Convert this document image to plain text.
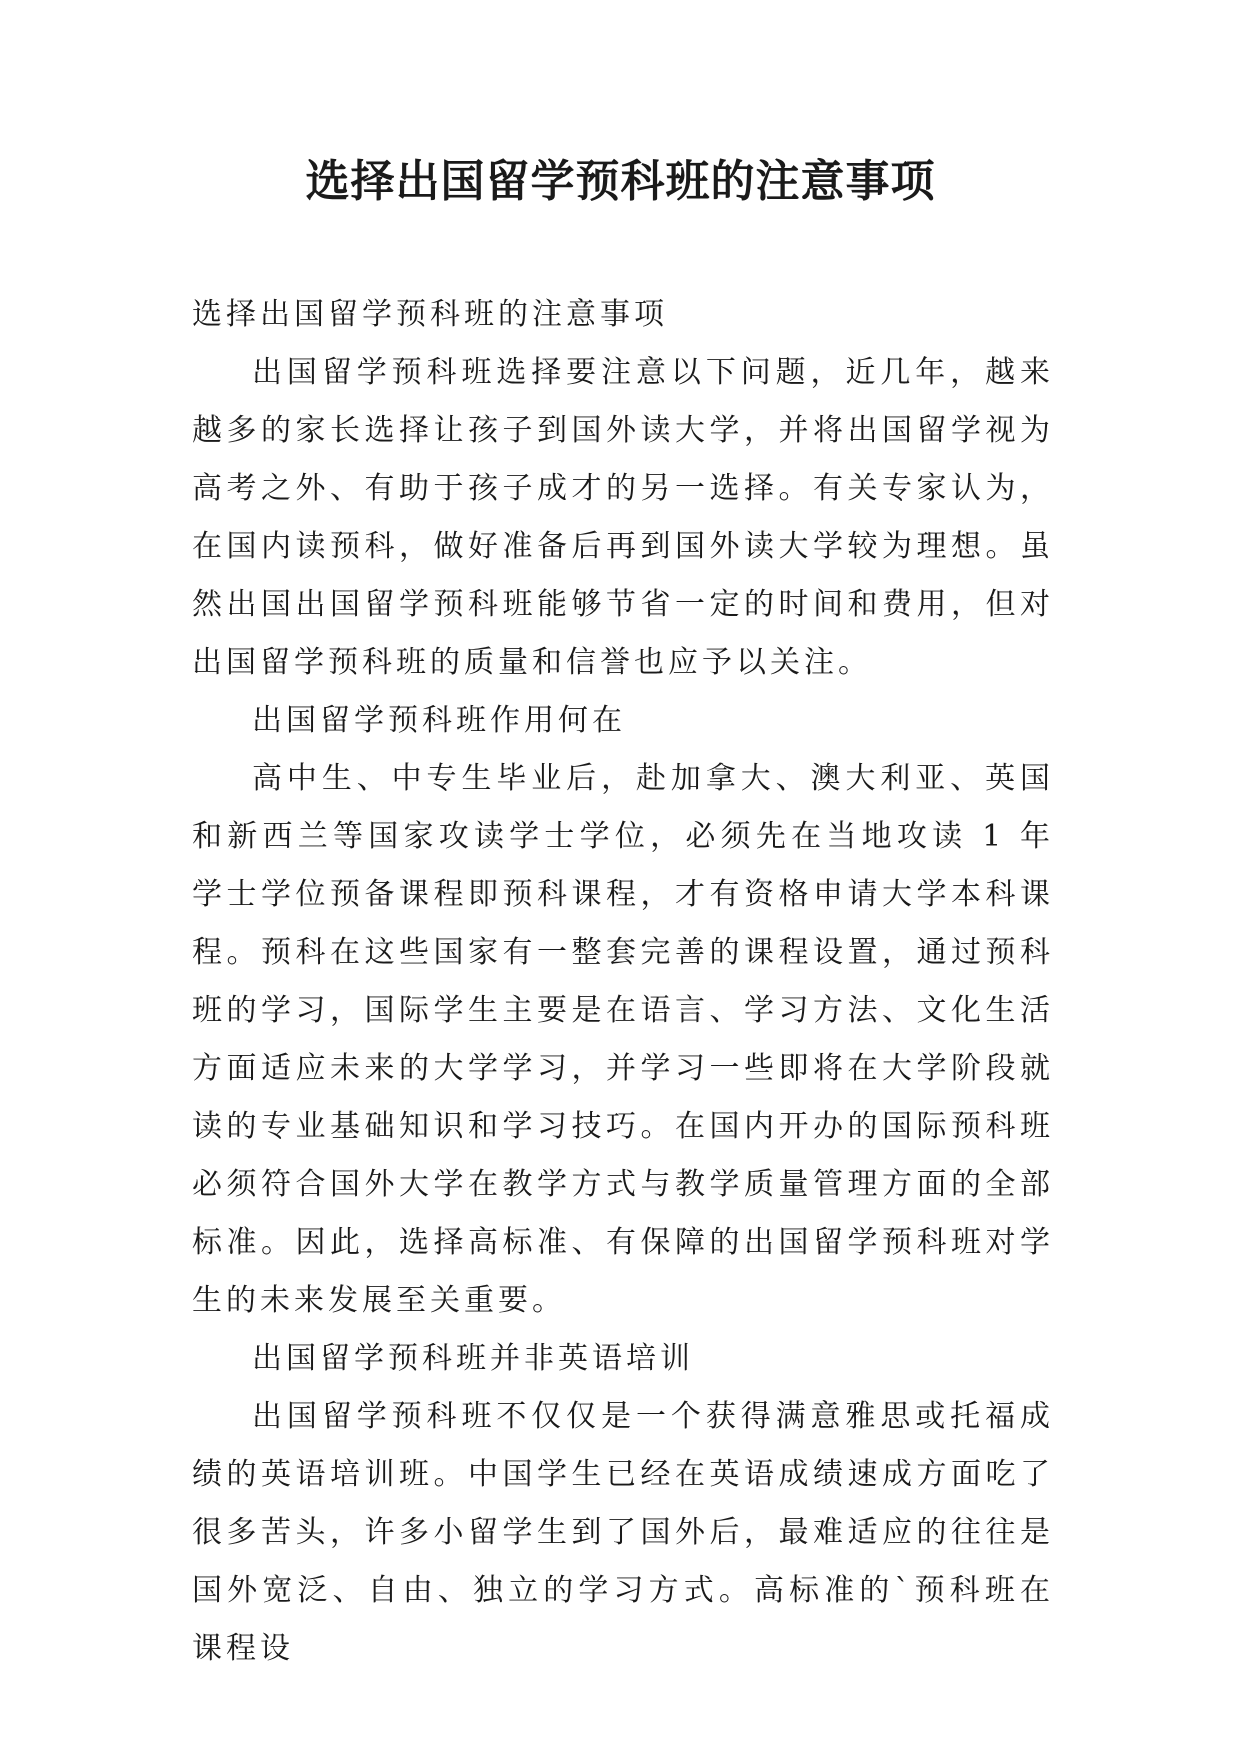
选择出国留学预科班的注意事项

选择出国留学预科班的注意事项

出国留学预科班选择要注意以下问题，近几年，越来越多的家长选择让孩子到国外读大学，并将出国留学视为高考之外、有助于孩子成才的另一选择。有关专家认为，在国内读预科，做好准备后再到国外读大学较为理想。虽然出国出国留学预科班能够节省一定的时间和费用，但对出国留学预科班的质量和信誉也应予以关注。

出国留学预科班作用何在

高中生、中专生毕业后，赴加拿大、澳大利亚、英国和新西兰等国家攻读学士学位，必须先在当地攻读 1 年学士学位预备课程即预科课程，才有资格申请大学本科课程。预科在这些国家有一整套完善的课程设置，通过预科班的学习，国际学生主要是在语言、学习方法、文化生活方面适应未来的大学学习，并学习一些即将在大学阶段就读的专业基础知识和学习技巧。在国内开办的国际预科班必须符合国外大学在教学方式与教学质量管理方面的全部标准。因此，选择高标准、有保障的出国留学预科班对学生的未来发展至关重要。

出国留学预科班并非英语培训

出国留学预科班不仅仅是一个获得满意雅思或托福成绩的英语培训班。中国学生已经在英语成绩速成方面吃了很多苦头，许多小留学生到了国外后，最难适应的往往是国外宽泛、自由、独立的学习方式。高标准的`预科班在课程设
